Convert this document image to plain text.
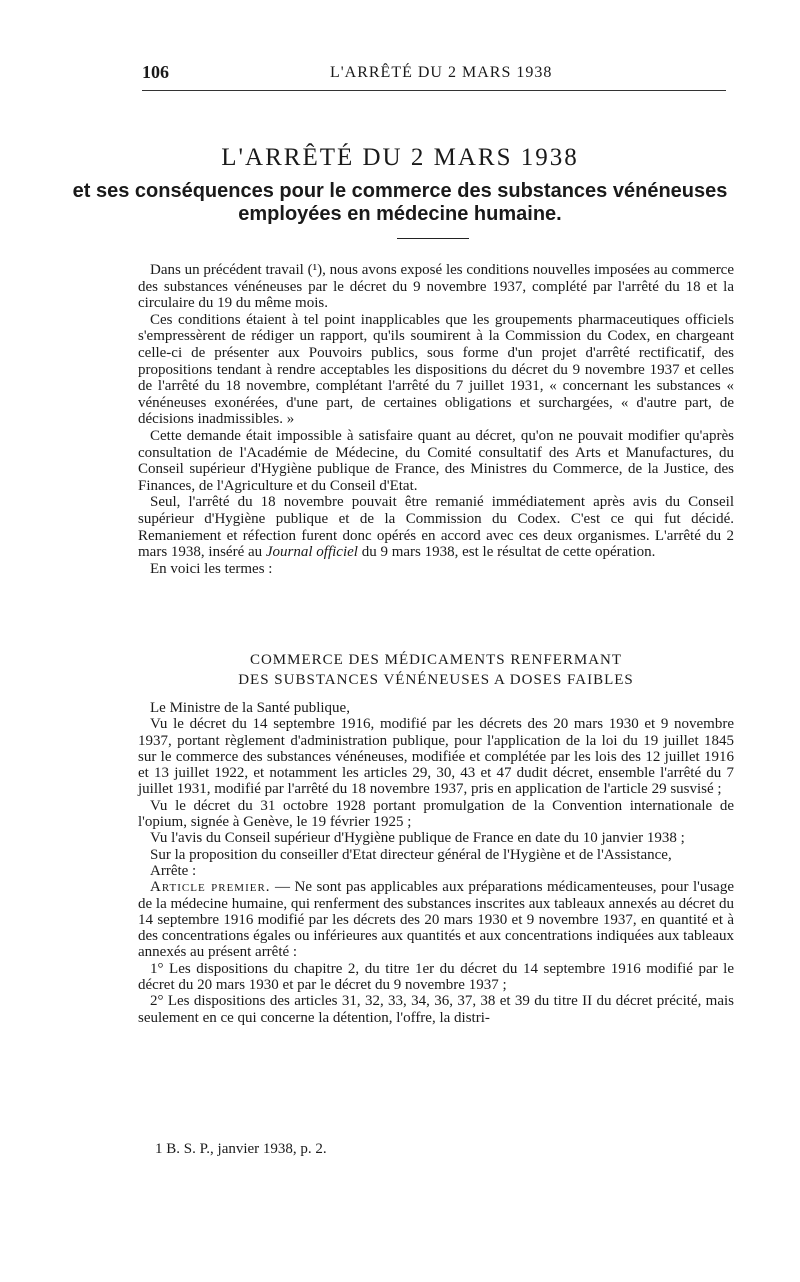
106	L'ARRÊTÉ DU 2 MARS 1938
L'ARRÊTÉ DU 2 MARS 1938
et ses conséquences pour le commerce des substances vénéneuses
employées en médecine humaine.

Dans un précédent travail (¹), nous avons exposé les conditions nouvelles imposées au commerce des substances vénéneuses par le décret du 9 novembre 1937, complété par l'arrêté du 18 et la circulaire du 19 du même mois.

Ces conditions étaient à tel point inapplicables que les groupements pharmaceutiques officiels s'empressèrent de rédiger un rapport, qu'ils soumirent à la Commission du Codex, en chargeant celle-ci de présenter aux Pouvoirs publics, sous forme d'un projet d'arrêté rectificatif, des propositions tendant à rendre acceptables les dispositions du décret du 9 novembre 1937 et celles de l'arrêté du 18 novembre, complétant l'arrêté du 7 juillet 1931, « concernant les substances « vénéneuses exonérées, d'une part, de certaines obligations et surchargées, « d'autre part, de décisions inadmissibles. »

Cette demande était impossible à satisfaire quant au décret, qu'on ne pouvait modifier qu'après consultation de l'Académie de Médecine, du Comité consultatif des Arts et Manufactures, du Conseil supérieur d'Hygiène publique de France, des Ministres du Commerce, de la Justice, des Finances, de l'Agriculture et du Conseil d'Etat.

Seul, l'arrêté du 18 novembre pouvait être remanié immédiatement après avis du Conseil supérieur d'Hygiène publique et de la Commission du Codex. C'est ce qui fut décidé. Remaniement et réfection furent donc opérés en accord avec ces deux organismes. L'arrêté du 2 mars 1938, inséré au Journal officiel du 9 mars 1938, est le résultat de cette opération.

En voici les termes :

COMMERCE DES MÉDICAMENTS RENFERMANT
DES SUBSTANCES VÉNÉNEUSES A DOSES FAIBLES

Le Ministre de la Santé publique,

Vu le décret du 14 septembre 1916, modifié par les décrets des 20 mars 1930 et 9 novembre 1937, portant règlement d'administration publique, pour l'application de la loi du 19 juillet 1845 sur le commerce des substances vénéneuses, modifiée et complétée par les lois des 12 juillet 1916 et 13 juillet 1922, et notamment les articles 29, 30, 43 et 47 dudit décret, ensemble l'arrêté du 7 juillet 1931, modifié par l'arrêté du 18 novembre 1937, pris en application de l'article 29 susvisé ;

Vu le décret du 31 octobre 1928 portant promulgation de la Convention internationale de l'opium, signée à Genève, le 19 février 1925 ;

Vu l'avis du Conseil supérieur d'Hygiène publique de France en date du 10 janvier 1938 ;

Sur la proposition du conseiller d'Etat directeur général de l'Hygiène et de l'Assistance,

Arrête :

Article premier. — Ne sont pas applicables aux préparations médicamenteuses, pour l'usage de la médecine humaine, qui renferment des substances inscrites aux tableaux annexés au décret du 14 septembre 1916 modifié par les décrets des 20 mars 1930 et 9 novembre 1937, en quantité et à des concentrations égales ou inférieures aux quantités et aux concentrations indiquées aux tableaux annexés au présent arrêté :

1° Les dispositions du chapitre 2, du titre 1er du décret du 14 septembre 1916 modifié par le décret du 20 mars 1930 et par le décret du 9 novembre 1937 ;

2° Les dispositions des articles 31, 32, 33, 34, 36, 37, 38 et 39 du titre II du décret précité, mais seulement en ce qui concerne la détention, l'offre, la distri-

1 B. S. P., janvier 1938, p. 2.
